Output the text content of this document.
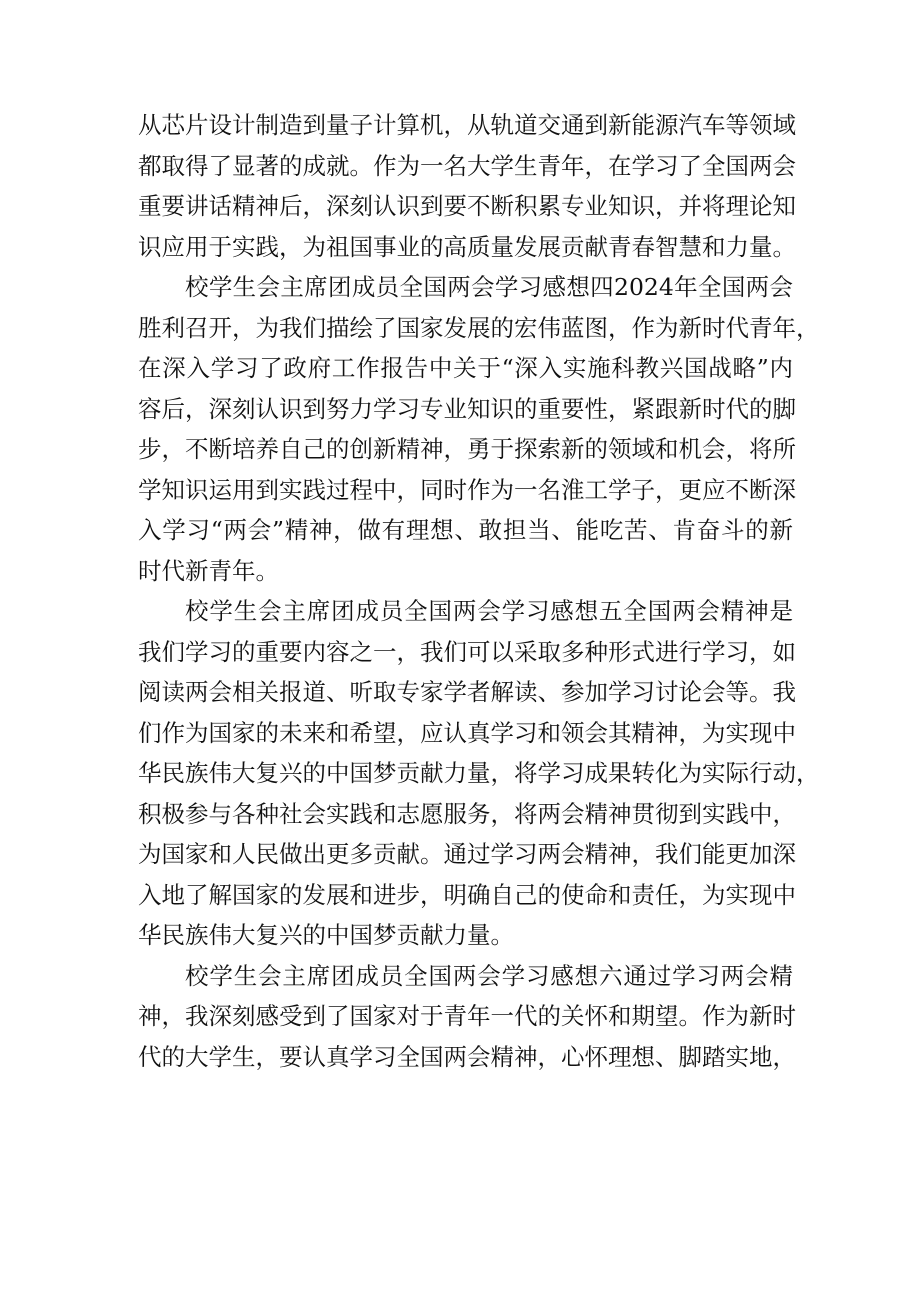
从芯片设计制造到量子计算机，从轨道交通到新能源汽车等领域
都取得了显著的成就。作为一名大学生青年，在学习了全国两会
重要讲话精神后，深刻认识到要不断积累专业知识，并将理论知
识应用于实践，为祖国事业的高质量发展贡献青春智慧和力量。
校学生会主席团成员全国两会学习感想四2024年全国两会
胜利召开，为我们描绘了国家发展的宏伟蓝图，作为新时代青年，
在深入学习了政府工作报告中关于“深入实施科教兴国战略”内
容后，深刻认识到努力学习专业知识的重要性，紧跟新时代的脚
步，不断培养自己的创新精神，勇于探索新的领域和机会，将所
学知识运用到实践过程中，同时作为一名淮工学子，更应不断深
入学习“两会”精神，做有理想、敢担当、能吃苦、肯奋斗的新
时代新青年。
校学生会主席团成员全国两会学习感想五全国两会精神是
我们学习的重要内容之一，我们可以采取多种形式进行学习，如
阅读两会相关报道、听取专家学者解读、参加学习讨论会等。我
们作为国家的未来和希望，应认真学习和领会其精神，为实现中
华民族伟大复兴的中国梦贡献力量，将学习成果转化为实际行动，
积极参与各种社会实践和志愿服务，将两会精神贯彻到实践中，
为国家和人民做出更多贡献。通过学习两会精神，我们能更加深
入地了解国家的发展和进步，明确自己的使命和责任，为实现中
华民族伟大复兴的中国梦贡献力量。
校学生会主席团成员全国两会学习感想六通过学习两会精
神，我深刻感受到了国家对于青年一代的关怀和期望。作为新时
代的大学生，要认真学习全国两会精神，心怀理想、脚踏实地，
